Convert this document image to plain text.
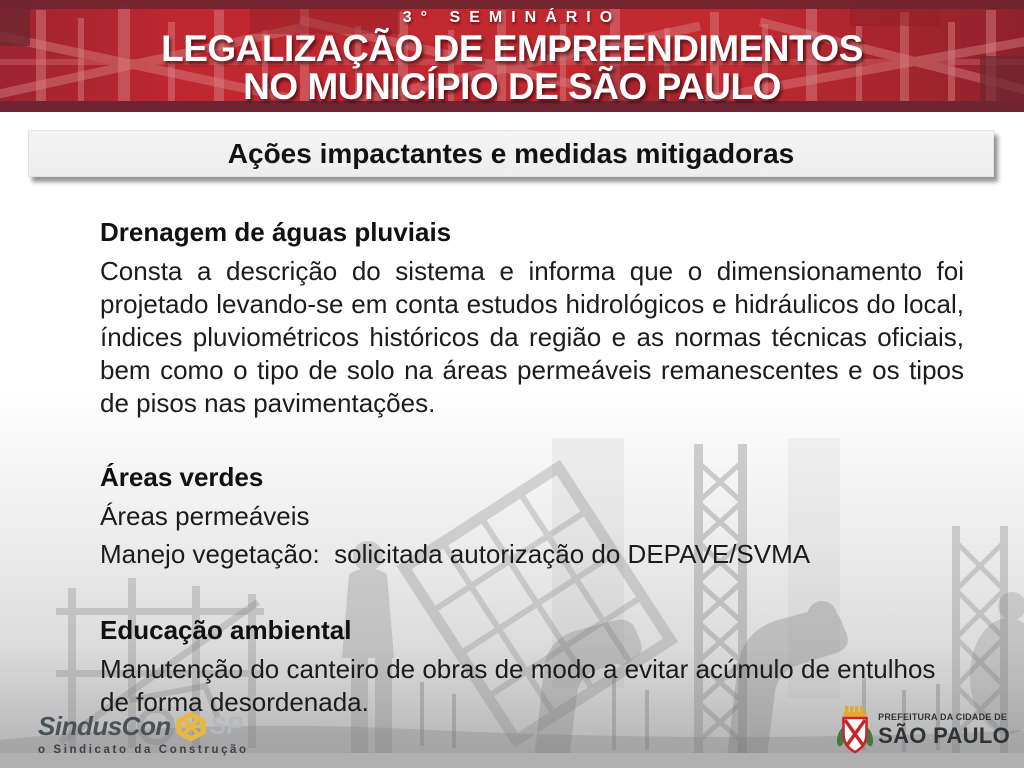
3° SEMINÁRIO
LEGALIZAÇÃO DE EMPREENDIMENTOS
NO MUNICÍPIO DE SÃO PAULO
Ações impactantes e medidas mitigadoras
Drenagem de águas pluviais

Consta a descrição do sistema e informa que o dimensionamento foi projetado levando-se em conta estudos hidrológicos e hidráulicos do local, índices pluviométricos históricos da região e as normas técnicas oficiais, bem como o tipo de solo na áreas permeáveis remanescentes e os tipos de pisos nas pavimentações.

Áreas verdes

Áreas permeáveis

Manejo vegetação:  solicitada autorização do DEPAVE/SVMA

Educação ambiental

Manutenção do canteiro de obras de modo a evitar acúmulo de entulhos de forma desordenada.

SindusCon SP
o Sindicato da Construção
PREFEITURA DA CIDADE DE
SÃO PAULO
